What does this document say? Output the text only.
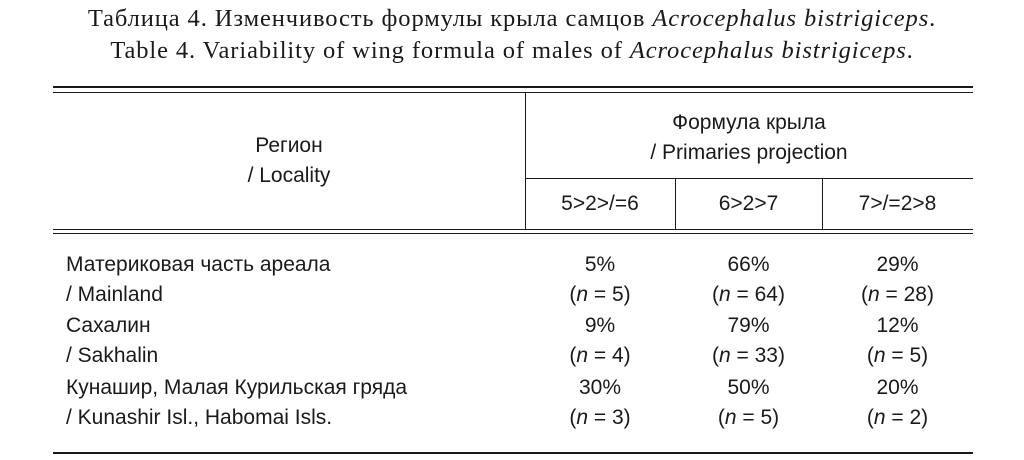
Таблица 4. Изменчивость формулы крыла самцов Acrocephalus bistrigiceps.
Table 4. Variability of wing formula of males of Acrocephalus bistrigiceps.
Регион
/ Locality
Формула крыла
/ Primaries projection
5>2>/=6	6>2>7	7>/=2>8
Материковая часть ареала
/ Mainland
5%
(n = 5)
66%
(n = 64)
29%
(n = 28)
Сахалин
/ Sakhalin
9%
(n = 4)
79%
(n = 33)
12%
(n = 5)
Кунашир, Малая Курильская гряда
/ Kunashir Isl., Habomai Isls.
30%
(n = 3)
50%
(n = 5)
20%
(n = 2)
